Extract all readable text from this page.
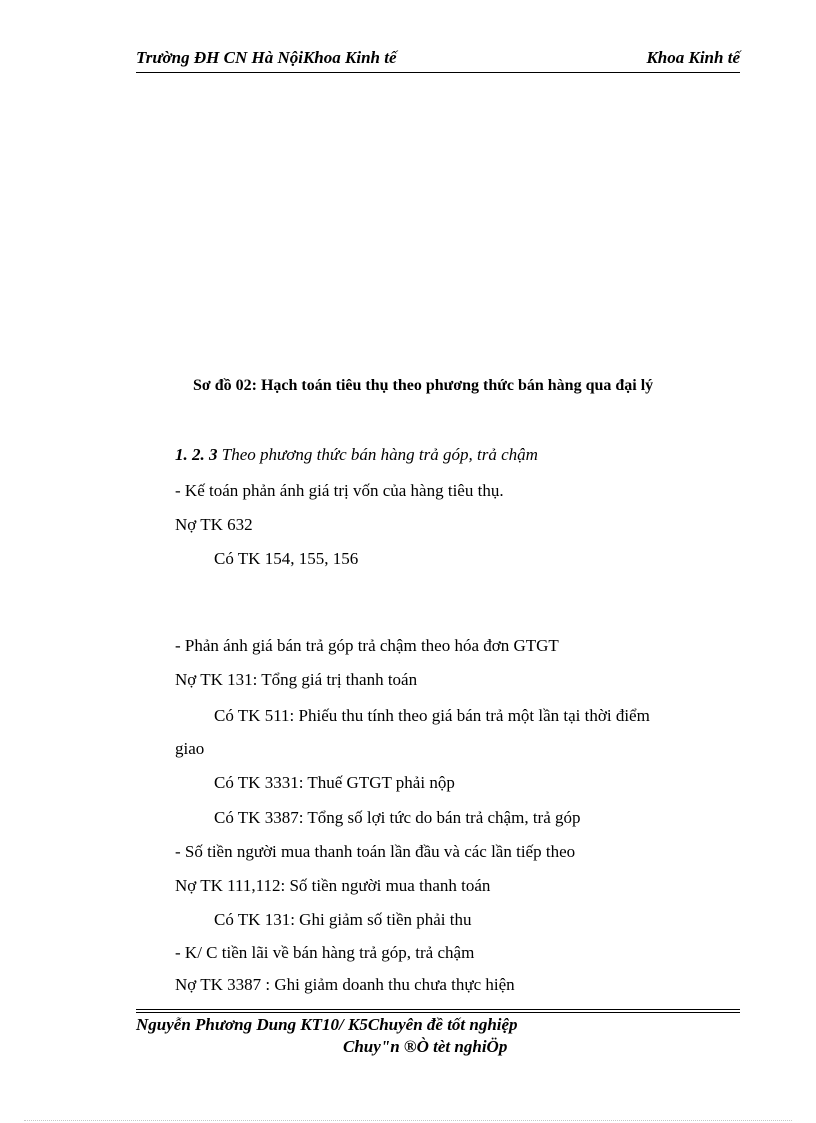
Trường ĐH CN Hà NộiKhoa Kinh tế	Khoa Kinh tế
Sơ đồ 02: Hạch toán tiêu thụ theo phương thức bán hàng qua đại lý
1. 2. 3 Theo phương thức bán hàng trả góp, trả chậm
- Kế toán phản ánh giá trị vốn của hàng tiêu thụ.
Nợ TK 632
Có TK 154, 155, 156
- Phản ánh giá bán trả góp trả chậm theo hóa đơn GTGT
Nợ TK 131: Tổng giá trị thanh toán
Có TK 511: Phiếu thu tính theo giá bán trả một lần tại thời điểm
giao
Có TK 3331: Thuế GTGT phải nộp
Có TK 3387: Tổng số lợi tức do bán trả chậm, trả góp
- Số tiền người mua thanh toán lần đầu và các lần tiếp theo
Nợ TK 111,112: Số tiền người mua thanh toán
Có TK 131: Ghi giảm số tiền phải thu
- K/ C tiền lãi về bán hàng trả góp, trả chậm
Nợ TK 3387 : Ghi giảm doanh thu chưa thực hiện
Nguyễn Phương Dung KT10/ K5Chuyên đề tốt nghiệp
Chuy"n ®Ò tèt nghiÖp
